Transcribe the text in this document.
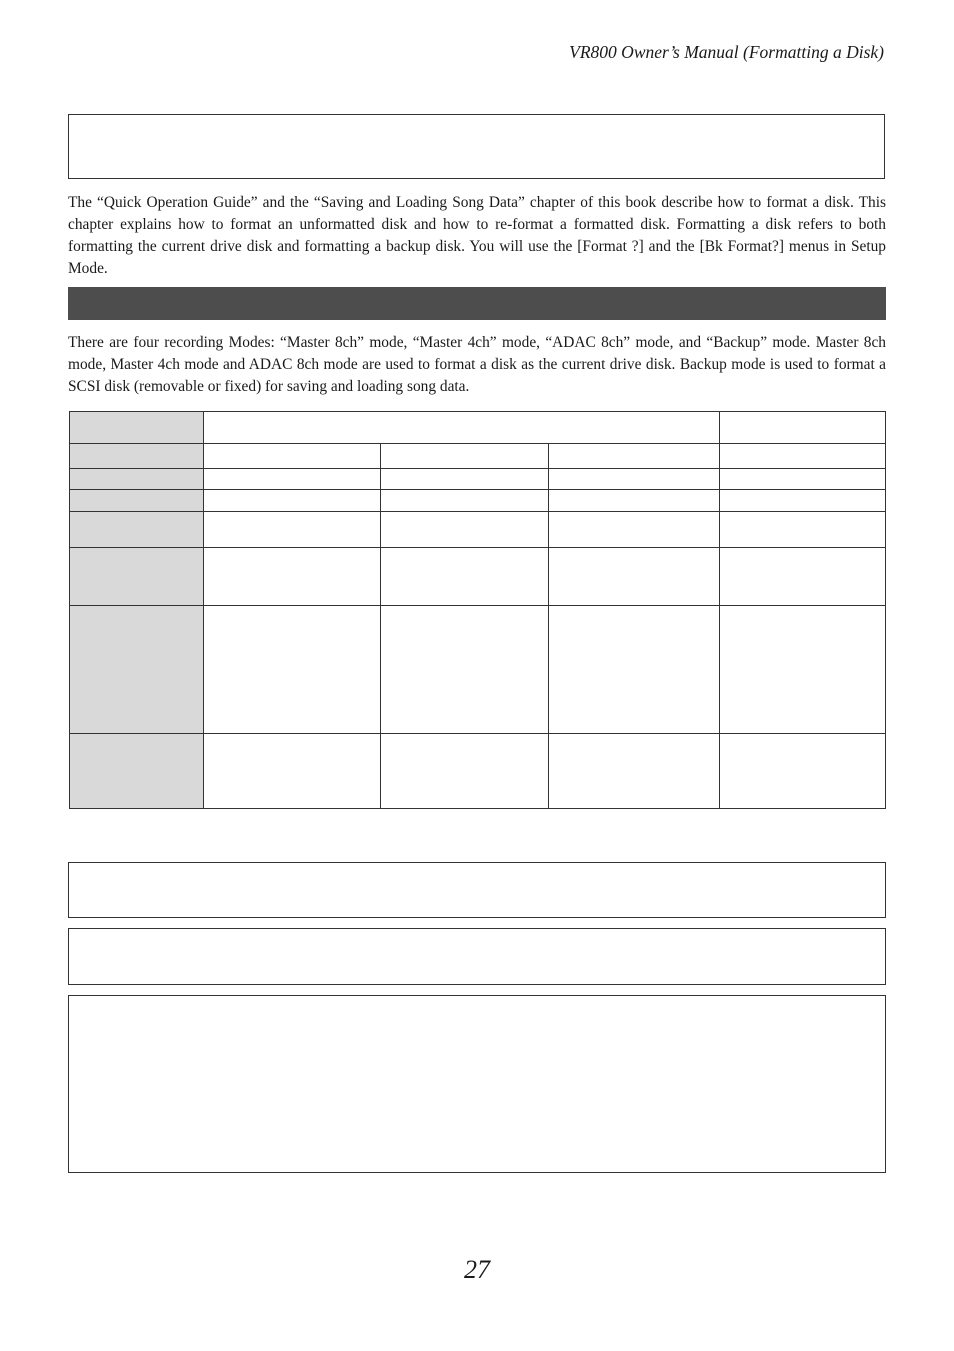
VR800 Owner’s Manual (Formatting a Disk)

The “Quick Operation Guide” and the “Saving and Loading Song Data” chapter of this book describe how to format a disk. This chapter explains how to format an unformatted disk and how to re-format a formatted disk. Formatting a disk refers to both formatting the current drive disk and formatting a backup disk. You will use the [Format ?] and the [Bk Format?] menus in Setup Mode.

There are four recording Modes: “Master 8ch” mode, “Master 4ch” mode, “ADAC 8ch” mode, and “Backup” mode. Master 8ch mode, Master 4ch mode and ADAC 8ch mode are used to format a disk as the current drive disk. Backup mode is used to format a SCSI disk (removable or fixed) for saving and loading song data.

27
